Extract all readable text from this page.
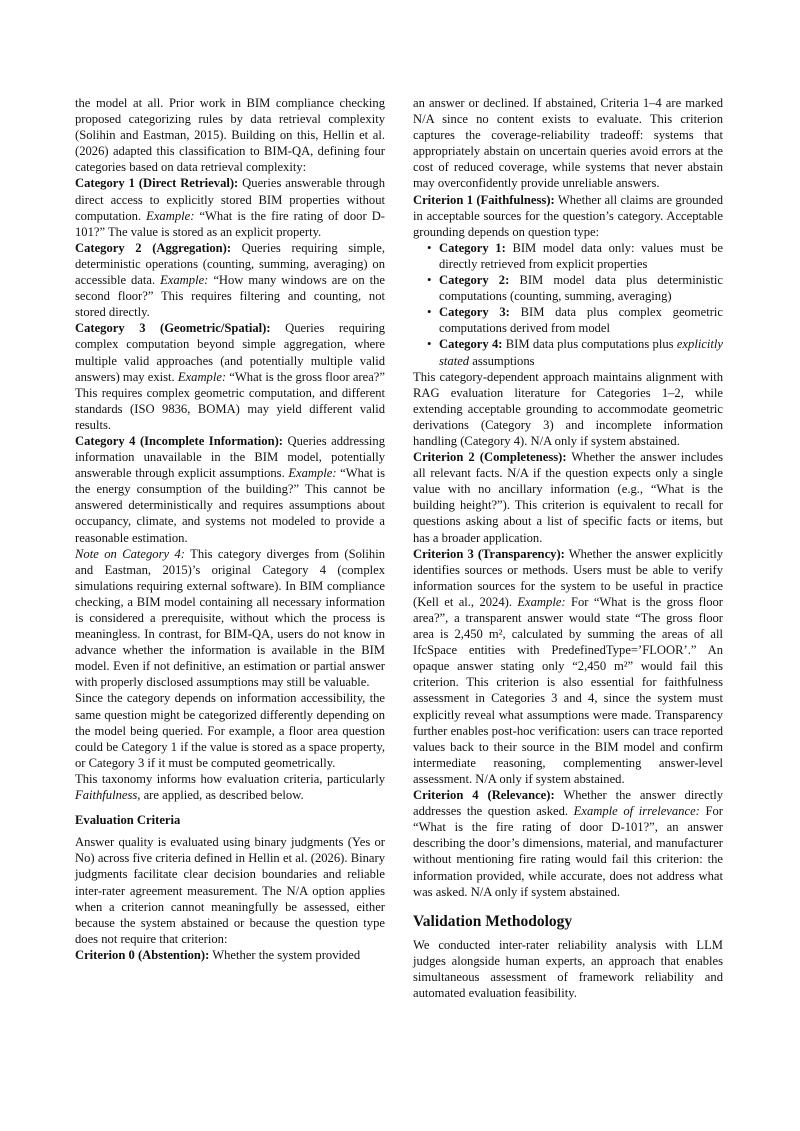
the model at all. Prior work in BIM compliance checking proposed categorizing rules by data retrieval complexity (Solihin and Eastman, 2015). Building on this, Hellin et al. (2026) adapted this classification to BIM-QA, defining four categories based on data retrieval complexity:

Category 1 (Direct Retrieval): Queries answerable through direct access to explicitly stored BIM properties without computation. Example: “What is the fire rating of door D-101?” The value is stored as an explicit property.

Category 2 (Aggregation): Queries requiring simple, deterministic operations (counting, summing, averaging) on accessible data. Example: “How many windows are on the second floor?” This requires filtering and counting, not stored directly.

Category 3 (Geometric/Spatial): Queries requiring complex computation beyond simple aggregation, where multiple valid approaches (and potentially multiple valid answers) may exist. Example: “What is the gross floor area?” This requires complex geometric computation, and different standards (ISO 9836, BOMA) may yield different valid results.

Category 4 (Incomplete Information): Queries addressing information unavailable in the BIM model, potentially answerable through explicit assumptions. Example: “What is the energy consumption of the building?” This cannot be answered deterministically and requires assumptions about occupancy, climate, and systems not modeled to provide a reasonable estimation.

Note on Category 4: This category diverges from (Solihin and Eastman, 2015)’s original Category 4 (complex simulations requiring external software). In BIM compliance checking, a BIM model containing all necessary information is considered a prerequisite, without which the process is meaningless. In contrast, for BIM-QA, users do not know in advance whether the information is available in the BIM model. Even if not definitive, an estimation or partial answer with properly disclosed assumptions may still be valuable.

Since the category depends on information accessibility, the same question might be categorized differently depending on the model being queried. For example, a floor area question could be Category 1 if the value is stored as a space property, or Category 3 if it must be computed geometrically.

This taxonomy informs how evaluation criteria, particularly Faithfulness, are applied, as described below.

Evaluation Criteria

Answer quality is evaluated using binary judgments (Yes or No) across five criteria defined in Hellin et al. (2026). Binary judgments facilitate clear decision boundaries and reliable inter-rater agreement measurement. The N/A option applies when a criterion cannot meaningfully be assessed, either because the system abstained or because the question type does not require that criterion:

Criterion 0 (Abstention): Whether the system provided

an answer or declined. If abstained, Criteria 1–4 are marked N/A since no content exists to evaluate. This criterion captures the coverage-reliability tradeoff: systems that appropriately abstain on uncertain queries avoid errors at the cost of reduced coverage, while systems that never abstain may overconfidently provide unreliable answers.

Criterion 1 (Faithfulness): Whether all claims are grounded in acceptable sources for the question’s category. Acceptable grounding depends on question type:

• Category 1: BIM model data only: values must be directly retrieved from explicit properties
• Category 2: BIM model data plus deterministic computations (counting, summing, averaging)
• Category 3: BIM data plus complex geometric computations derived from model
• Category 4: BIM data plus computations plus explicitly stated assumptions

This category-dependent approach maintains alignment with RAG evaluation literature for Categories 1–2, while extending acceptable grounding to accommodate geometric derivations (Category 3) and incomplete information handling (Category 4). N/A only if system abstained.

Criterion 2 (Completeness): Whether the answer includes all relevant facts. N/A if the question expects only a single value with no ancillary information (e.g., “What is the building height?”). This criterion is equivalent to recall for questions asking about a list of specific facts or items, but has a broader application.

Criterion 3 (Transparency): Whether the answer explicitly identifies sources or methods. Users must be able to verify information sources for the system to be useful in practice (Kell et al., 2024). Example: For “What is the gross floor area?”, a transparent answer would state “The gross floor area is 2,450 m², calculated by summing the areas of all IfcSpace entities with PredefinedType=’FLOOR’.” An opaque answer stating only “2,450 m²” would fail this criterion. This criterion is also essential for faithfulness assessment in Categories 3 and 4, since the system must explicitly reveal what assumptions were made. Transparency further enables post-hoc verification: users can trace reported values back to their source in the BIM model and confirm intermediate reasoning, complementing answer-level assessment. N/A only if system abstained.

Criterion 4 (Relevance): Whether the answer directly addresses the question asked. Example of irrelevance: For “What is the fire rating of door D-101?”, an answer describing the door’s dimensions, material, and manufacturer without mentioning fire rating would fail this criterion: the information provided, while accurate, does not address what was asked. N/A only if system abstained.

Validation Methodology

We conducted inter-rater reliability analysis with LLM judges alongside human experts, an approach that enables simultaneous assessment of framework reliability and automated evaluation feasibility.
